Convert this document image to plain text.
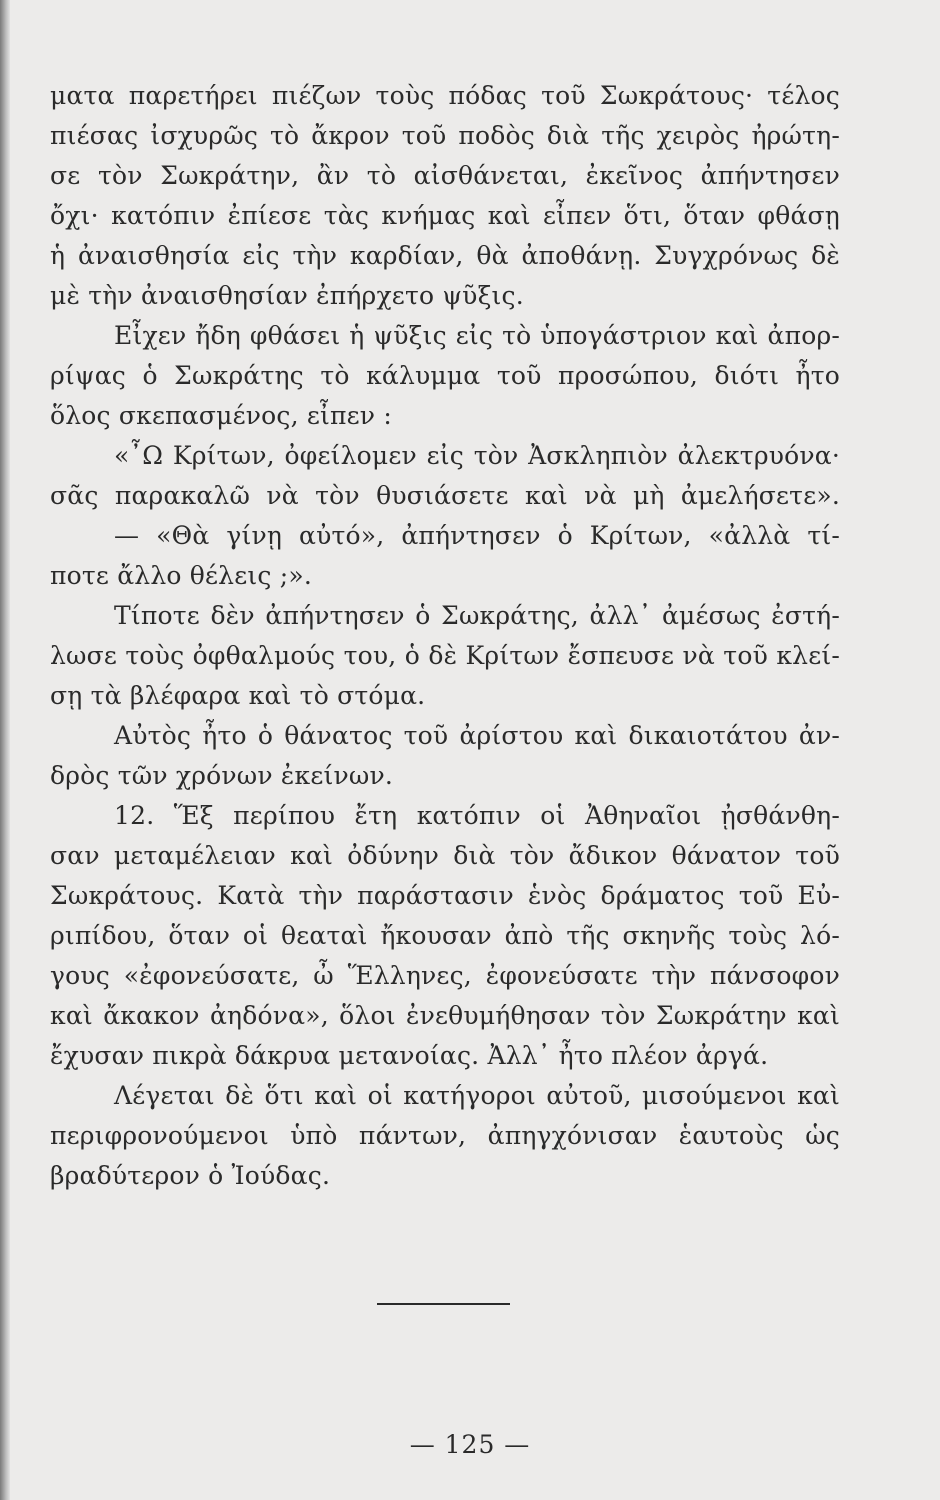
ματα παρετήρει πιέζων τοὺς πόδας τοῦ Σωκράτους· τέλος
πιέσας ἰσχυρῶς τὸ ἄκρον τοῦ ποδὸς διὰ τῆς χειρὸς ἠρώτη-
σε τὸν Σωκράτην, ἂν τὸ αἰσθάνεται, ἐκεῖνος ἀπήντησεν
ὄχι· κατόπιν ἐπίεσε τὰς κνήμας καὶ εἶπεν ὅτι, ὅταν φθάσῃ
ἡ ἀναισθησία εἰς τὴν καρδίαν, θὰ ἀποθάνῃ. Συγχρόνως δὲ
μὲ τὴν ἀναισθησίαν ἐπήρχετο ψῦξις.
Εἶχεν ἤδη φθάσει ἡ ψῦξις εἰς τὸ ὑπογάστριον καὶ ἀπορ-
ρίψας ὁ Σωκράτης τὸ κάλυμμα τοῦ προσώπου, διότι ἦτο
ὅλος σκεπασμένος, εἶπεν :
«῏Ω Κρίτων, ὀφείλομεν εἰς τὸν Ἀσκληπιὸν ἀλεκτρυόνα·
σᾶς παρακαλῶ νὰ τὸν θυσιάσετε καὶ νὰ μὴ ἀμελήσετε».
— «Θὰ γίνῃ αὐτό», ἀπήντησεν ὁ Κρίτων, «ἀλλὰ τί-
ποτε ἄλλο θέλεις ;».
Τίποτε δὲν ἀπήντησεν ὁ Σωκράτης, ἀλλ᾽ ἀμέσως ἐστή-
λωσε τοὺς ὀφθαλμούς του, ὁ δὲ Κρίτων ἔσπευσε νὰ τοῦ κλεί-
σῃ τὰ βλέφαρα καὶ τὸ στόμα.
Αὐτὸς ἦτο ὁ θάνατος τοῦ ἀρίστου καὶ δικαιοτάτου ἀν-
δρὸς τῶν χρόνων ἐκείνων.
12. Ἕξ περίπου ἔτη κατόπιν οἱ Ἀθηναῖοι ᾐσθάνθη-
σαν μεταμέλειαν καὶ ὀδύνην διὰ τὸν ἄδικον θάνατον τοῦ
Σωκράτους. Κατὰ τὴν παράστασιν ἑνὸς δράματος τοῦ Εὐ-
ριπίδου, ὅταν οἱ θεαταὶ ἤκουσαν ἀπὸ τῆς σκηνῆς τοὺς λό-
γους «ἐφονεύσατε, ὦ Ἕλληνες, ἐφονεύσατε τὴν πάνσοφον
καὶ ἄκακον ἀηδόνα», ὅλοι ἐνεθυμήθησαν τὸν Σωκράτην καὶ
ἔχυσαν πικρὰ δάκρυα μετανοίας. Ἀλλ᾽ ἦτο πλέον ἀργά.
Λέγεται δὲ ὅτι καὶ οἱ κατήγοροι αὐτοῦ, μισούμενοι καὶ
περιφρονούμενοι ὑπὸ πάντων, ἀπηγχόνισαν ἑαυτοὺς ὡς
βραδύτερον ὁ Ἰούδας.
— 125 —
